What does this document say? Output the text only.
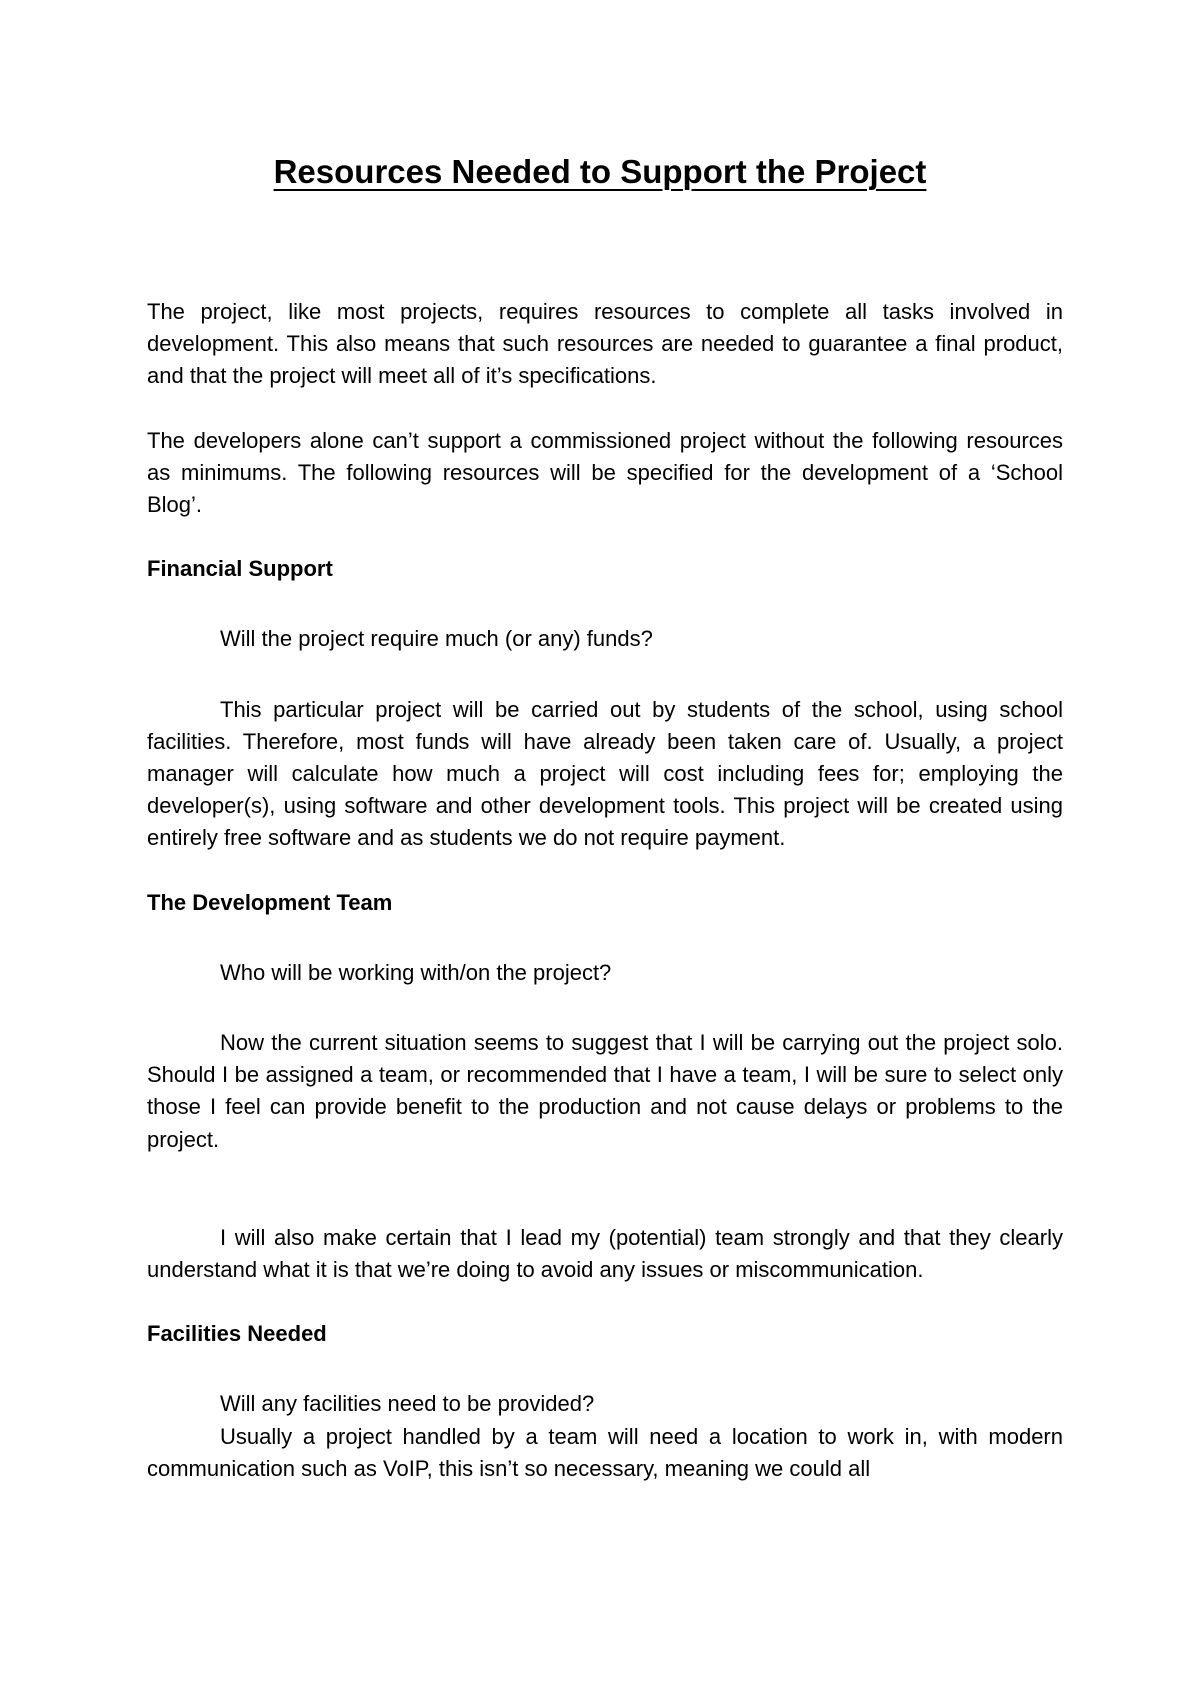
Resources Needed to Support the Project

The project, like most projects, requires resources to complete all tasks involved in development. This also means that such resources are needed to guarantee a final product, and that the project will meet all of it’s specifications.

The developers alone can’t support a commissioned project without the following resources as minimums. The following resources will be specified for the development of a ‘School Blog’.

Financial Support

Will the project require much (or any) funds?

This particular project will be carried out by students of the school, using school facilities. Therefore, most funds will have already been taken care of. Usually, a project manager will calculate how much a project will cost including fees for; employing the developer(s), using software and other development tools. This project will be created using entirely free software and as students we do not require payment.

The Development Team

Who will be working with/on the project?

Now the current situation seems to suggest that I will be carrying out the project solo. Should I be assigned a team, or recommended that I have a team, I will be sure to select only those I feel can provide benefit to the production and not cause delays or problems to the project.

I will also make certain that I lead my (potential) team strongly and that they clearly understand what it is that we’re doing to avoid any issues or miscommunication.

Facilities Needed

Will any facilities need to be provided?

Usually a project handled by a team will need a location to work in, with modern communication such as VoIP, this isn’t so necessary, meaning we could all
